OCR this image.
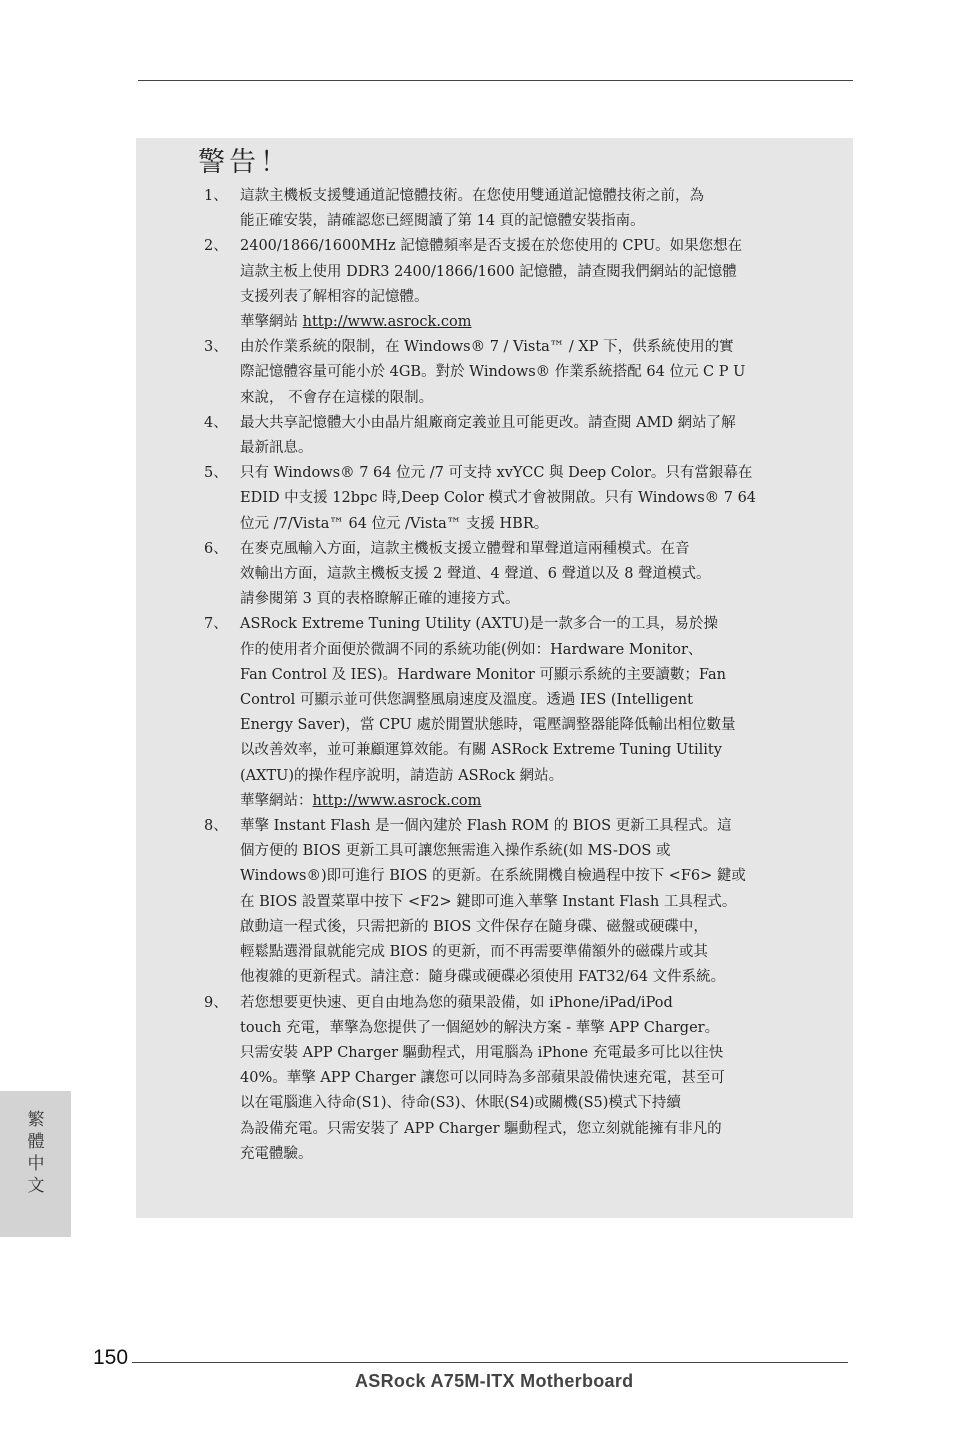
警告！
1、 這款主機板支援雙通道記憶體技術。在您使用雙通道記憶體技術之前，為
能正確安裝，請確認您已經閱讀了第 14 頁的記憶體安裝指南。
2、 2400/1866/1600MHz 記憶體頻率是否支援在於您使用的 CPU。如果您想在
這款主板上使用 DDR3 2400/1866/1600 記憶體，請查閱我們網站的記憶體
支援列表了解相容的記憶體。
華擎網站 http://www.asrock.com
3、 由於作業系統的限制，在 Windows® 7 / Vista™ / XP 下，供系統使用的實
際記憶體容量可能小於 4GB。對於 Windows® 作業系統搭配 64 位元 C P U
來說， 不會存在這樣的限制。
4、 最大共享記憶體大小由晶片組廠商定義並且可能更改。請查閱 AMD 網站了解
最新訊息。
5、 只有 Windows® 7 64 位元 /7 可支持 xvYCC 與 Deep Color。只有當銀幕在
EDID 中支援 12bpc 時,Deep Color 模式才會被開啟。只有 Windows® 7 64
位元 /7/Vista™ 64 位元 /Vista™ 支援 HBR。
6、 在麥克風輸入方面，這款主機板支援立體聲和單聲道這兩種模式。在音
效輸出方面，這款主機板支援 2 聲道、4 聲道、6 聲道以及 8 聲道模式。
請參閱第 3 頁的表格瞭解正確的連接方式。
7、 ASRock Extreme Tuning Utility (AXTU)是一款多合一的工具，易於操
作的使用者介面便於微調不同的系統功能(例如：Hardware Monitor、
Fan Control 及 IES)。Hardware Monitor 可顯示系統的主要讀數；Fan
Control 可顯示並可供您調整風扇速度及溫度。透過 IES (Intelligent
Energy Saver)，當 CPU 處於閒置狀態時，電壓調整器能降低輸出相位數量
以改善效率，並可兼顧運算效能。有關 ASRock Extreme Tuning Utility
(AXTU)的操作程序說明，請造訪 ASRock 網站。
華擎網站：http://www.asrock.com
8、 華擎 Instant Flash 是一個內建於 Flash ROM 的 BIOS 更新工具程式。這
個方便的 BIOS 更新工具可讓您無需進入操作系統(如 MS-DOS 或
Windows®)即可進行 BIOS 的更新。在系統開機自檢過程中按下 <F6> 鍵或
在 BIOS 設置菜單中按下 <F2> 鍵即可進入華擎 Instant Flash 工具程式。
啟動這一程式後，只需把新的 BIOS 文件保存在隨身碟、磁盤或硬碟中，
輕鬆點選滑鼠就能完成 BIOS 的更新，而不再需要準備額外的磁碟片或其
他複雜的更新程式。請注意：隨身碟或硬碟必須使用 FAT32/64 文件系統。
9、 若您想要更快速、更自由地為您的蘋果設備，如 iPhone/iPad/iPod
touch 充電，華擎為您提供了一個絕妙的解決方案 - 華擎 APP Charger。
只需安裝 APP Charger 驅動程式，用電腦為 iPhone 充電最多可比以往快
40%。華擎 APP Charger 讓您可以同時為多部蘋果設備快速充電，甚至可
以在電腦進入待命(S1)、待命(S3)、休眠(S4)或關機(S5)模式下持續
為設備充電。只需安裝了 APP Charger 驅動程式，您立刻就能擁有非凡的
充電體驗。
繁體中文
150
ASRock A75M-ITX Motherboard
